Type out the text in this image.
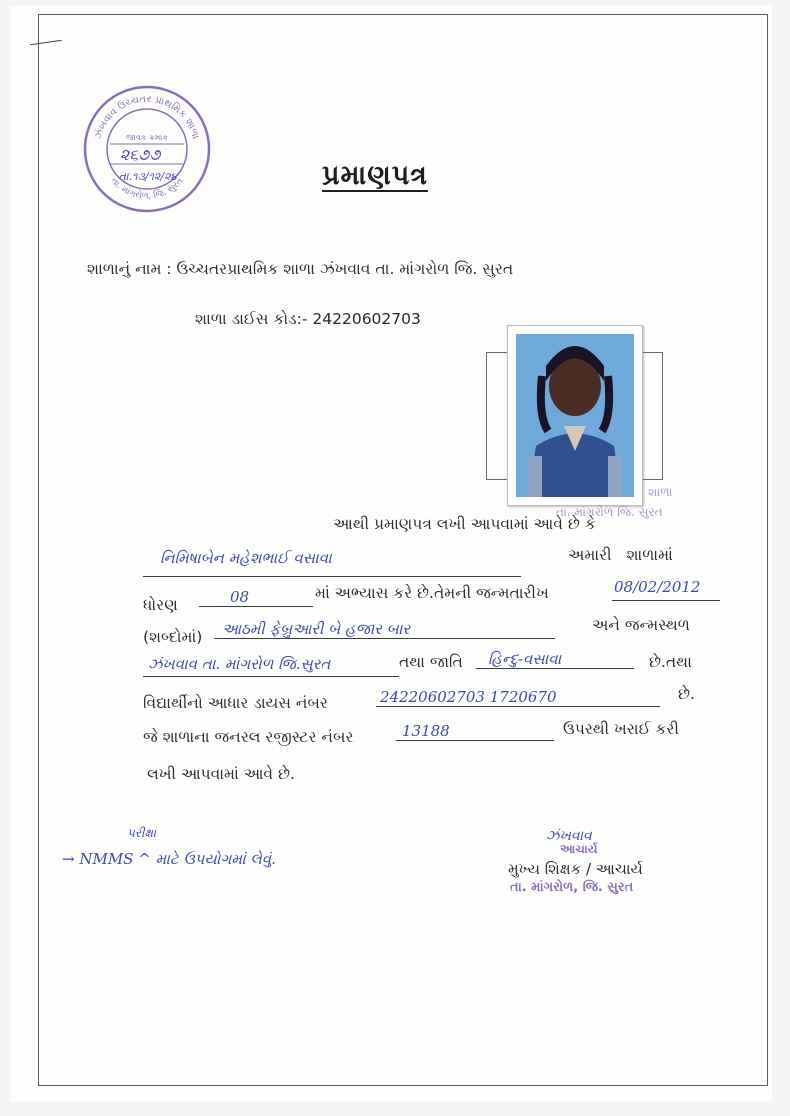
ઝંખવાવ ઉચ્ચતર પ્રાથમિક શાળા
તા. માંગરોળ, જિ. સુરત
જાવક ક્રમાંક
૨૬૭૭
તા.૧૩/૧૨/૨૪	પ્રમાણપત્ર
શાળાનું નામ : ઉચ્ચતરપ્રાથમિક શાળા ઝંખવાવ તા. માંગરોળ જિ. સુરત
શાળા ડાઈસ કોડ:- 24220602703
શાળા
તા. માંગરોળ જિ. સુરત
આથી પ્રમાણપત્ર લખી આપવામાં આવે છે કે
નિમિષાબેન મહેશભાઈ વસાવા	અમારી શાળામાં
ધોરણ	08	માં અભ્યાસ કરે છે.તેમની જન્મતારીખ	08/02/2012
(શબ્દોમાં) આઠમી ફેબ્રુઆરી બે હજાર બાર	અને જન્મસ્થળ
ઝંખવાવ તા. માંગરોળ જિ.સુરત	તથા જાતિ હિન્દુ-વસાવા	છે.તથા
વિદ્યાર્થીનો આધાર ડાયસ નંબર	24220602703 1720670	છે.
જે શાળાના જનરલ રજીસ્ટર નંબર	13188	ઉપરથી ખરાઈ કરી
લખી આપવામાં આવે છે.
પરીક્ષા
→ NMMS ^ માટે ઉપયોગમાં લેવું.
ઝંખવાવ
આચાર્ય
મુખ્ય શિક્ષક / આચાર્ય
તા. માંગરોળ, જિ. સુરત
